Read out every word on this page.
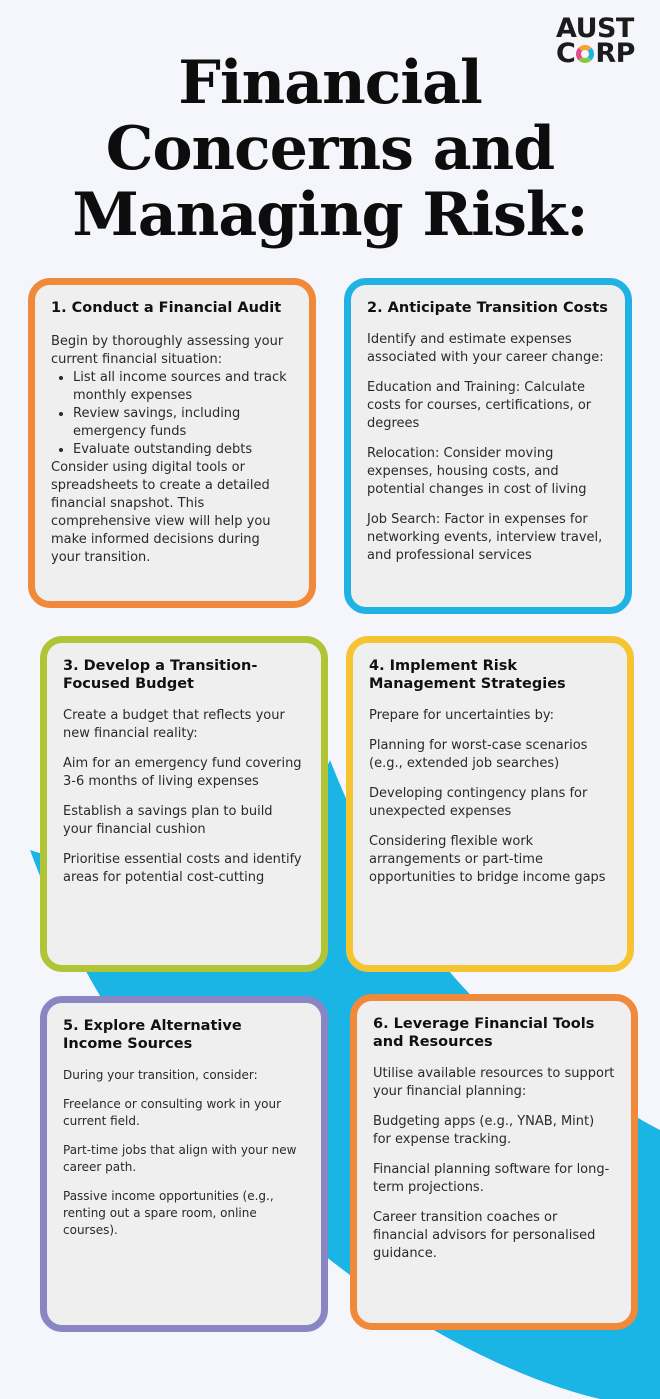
AUST
C RP
Financial
Concerns and
Managing Risk:
1. Conduct a Financial Audit

Begin by thoroughly assessing your current financial situation:

• List all income sources and track monthly expenses
• Review savings, including emergency funds
• Evaluate outstanding debts

Consider using digital tools or spreadsheets to create a detailed financial snapshot. This comprehensive view will help you make informed decisions during your transition.

2. Anticipate Transition Costs

Identify and estimate expenses associated with your career change:

Education and Training: Calculate costs for courses, certifications, or degrees

Relocation: Consider moving expenses, housing costs, and potential changes in cost of living

Job Search: Factor in expenses for networking events, interview travel, and professional services

3. Develop a Transition-Focused Budget

Create a budget that reflects your new financial reality:

Aim for an emergency fund covering 3-6 months of living expenses

Establish a savings plan to build your financial cushion

Prioritise essential costs and identify areas for potential cost-cutting

4. Implement Risk Management Strategies

Prepare for uncertainties by:

Planning for worst-case scenarios (e.g., extended job searches)

Developing contingency plans for unexpected expenses

Considering flexible work arrangements or part-time opportunities to bridge income gaps

5. Explore Alternative Income Sources

During your transition, consider:

Freelance or consulting work in your current field.

Part-time jobs that align with your new career path.

Passive income opportunities (e.g., renting out a spare room, online courses).

6. Leverage Financial Tools and Resources

Utilise available resources to support your financial planning:

Budgeting apps (e.g., YNAB, Mint) for expense tracking.

Financial planning software for long-term projections.

Career transition coaches or financial advisors for personalised guidance.
